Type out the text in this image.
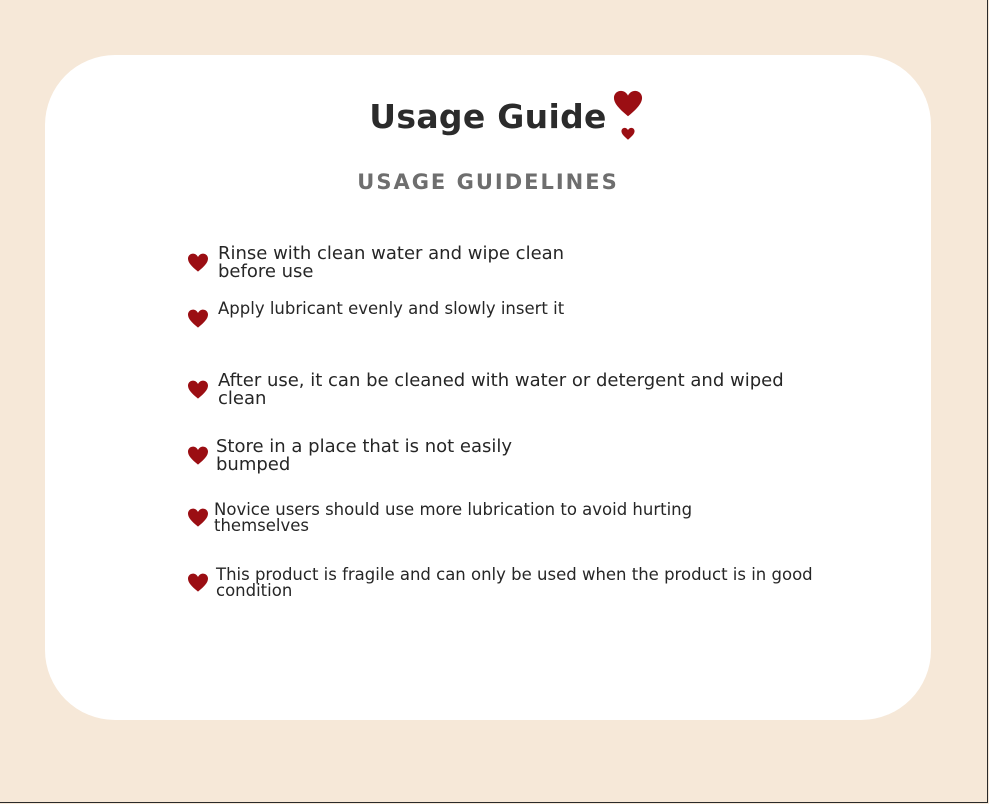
Usage Guide
USAGE GUIDELINES
Rinse with clean water and wipe clean before use
Apply lubricant evenly and slowly insert it
After use, it can be cleaned with water or detergent and wiped clean
Store in a place that is not easily bumped
Novice users should use more lubrication to avoid hurting themselves
This product is fragile and can only be used when the product is in good condition
